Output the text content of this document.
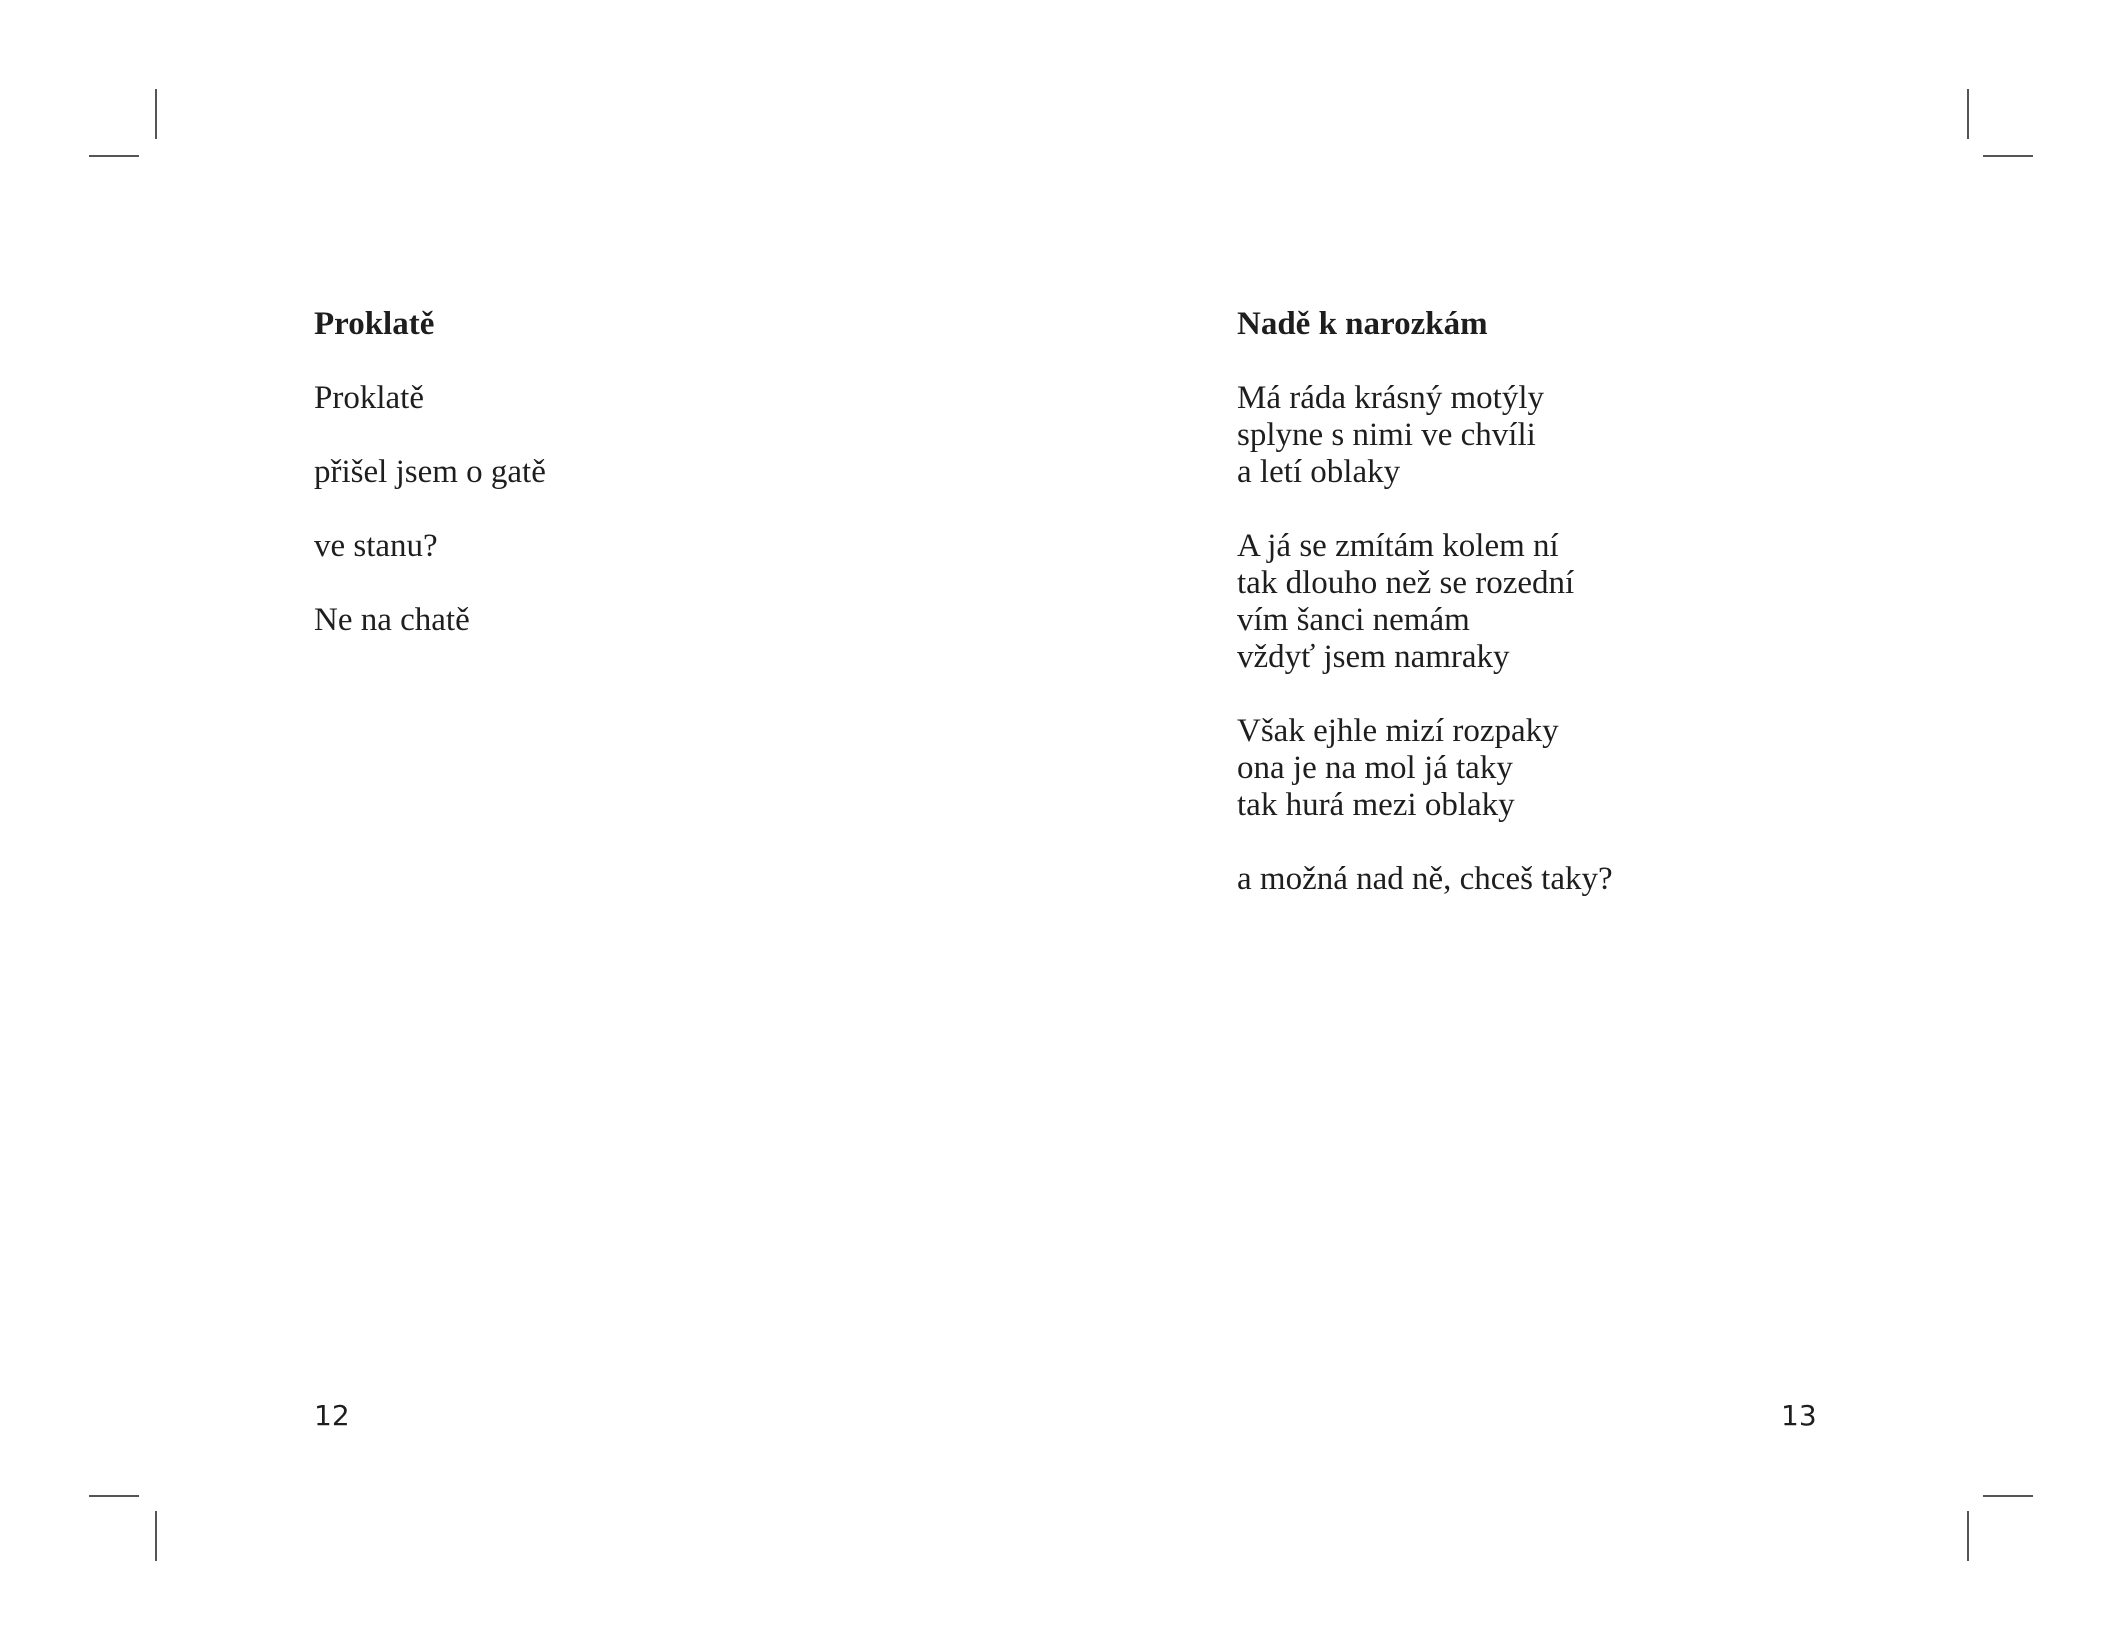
Proklatě

Proklatě

přišel jsem o gatě

ve stanu?

Ne na chatě

12
Nadě k narozkám

Má ráda krásný motýly
splyne s nimi ve chvíli
a letí oblaky

A já se zmítám kolem ní
tak dlouho než se rozední
vím šanci nemám
vždyť jsem namraky

Však ejhle mizí rozpaky
ona je na mol já taky
tak hurá mezi oblaky

a možná nad ně, chceš taky?

13
